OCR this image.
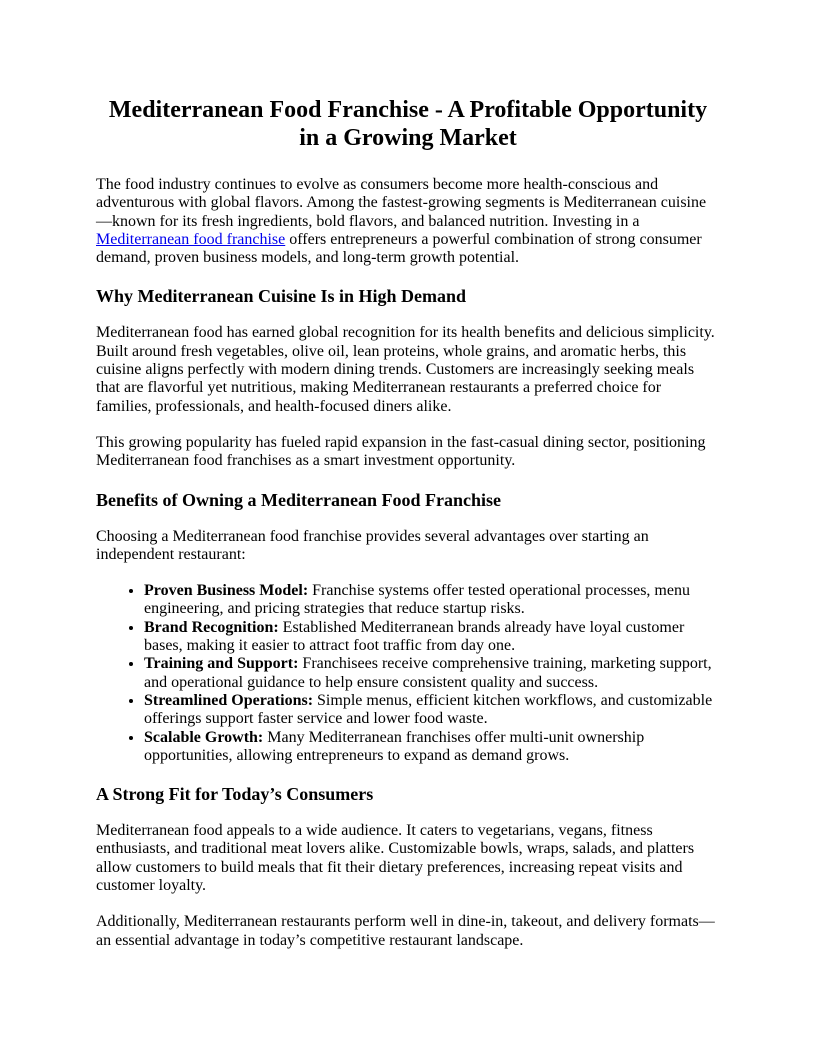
Mediterranean Food Franchise - A Profitable Opportunity in a Growing Market

The food industry continues to evolve as consumers become more health-conscious and adventurous with global flavors. Among the fastest-growing segments is Mediterranean cuisine—known for its fresh ingredients, bold flavors, and balanced nutrition. Investing in a Mediterranean food franchise offers entrepreneurs a powerful combination of strong consumer demand, proven business models, and long-term growth potential.

Why Mediterranean Cuisine Is in High Demand

Mediterranean food has earned global recognition for its health benefits and delicious simplicity. Built around fresh vegetables, olive oil, lean proteins, whole grains, and aromatic herbs, this cuisine aligns perfectly with modern dining trends. Customers are increasingly seeking meals that are flavorful yet nutritious, making Mediterranean restaurants a preferred choice for families, professionals, and health-focused diners alike.

This growing popularity has fueled rapid expansion in the fast-casual dining sector, positioning Mediterranean food franchises as a smart investment opportunity.

Benefits of Owning a Mediterranean Food Franchise

Choosing a Mediterranean food franchise provides several advantages over starting an independent restaurant:

• Proven Business Model: Franchise systems offer tested operational processes, menu engineering, and pricing strategies that reduce startup risks.
• Brand Recognition: Established Mediterranean brands already have loyal customer bases, making it easier to attract foot traffic from day one.
• Training and Support: Franchisees receive comprehensive training, marketing support, and operational guidance to help ensure consistent quality and success.
• Streamlined Operations: Simple menus, efficient kitchen workflows, and customizable offerings support faster service and lower food waste.
• Scalable Growth: Many Mediterranean franchises offer multi-unit ownership opportunities, allowing entrepreneurs to expand as demand grows.
A Strong Fit for Today’s Consumers

Mediterranean food appeals to a wide audience. It caters to vegetarians, vegans, fitness enthusiasts, and traditional meat lovers alike. Customizable bowls, wraps, salads, and platters allow customers to build meals that fit their dietary preferences, increasing repeat visits and customer loyalty.

Additionally, Mediterranean restaurants perform well in dine-in, takeout, and delivery formats—an essential advantage in today’s competitive restaurant landscape.
